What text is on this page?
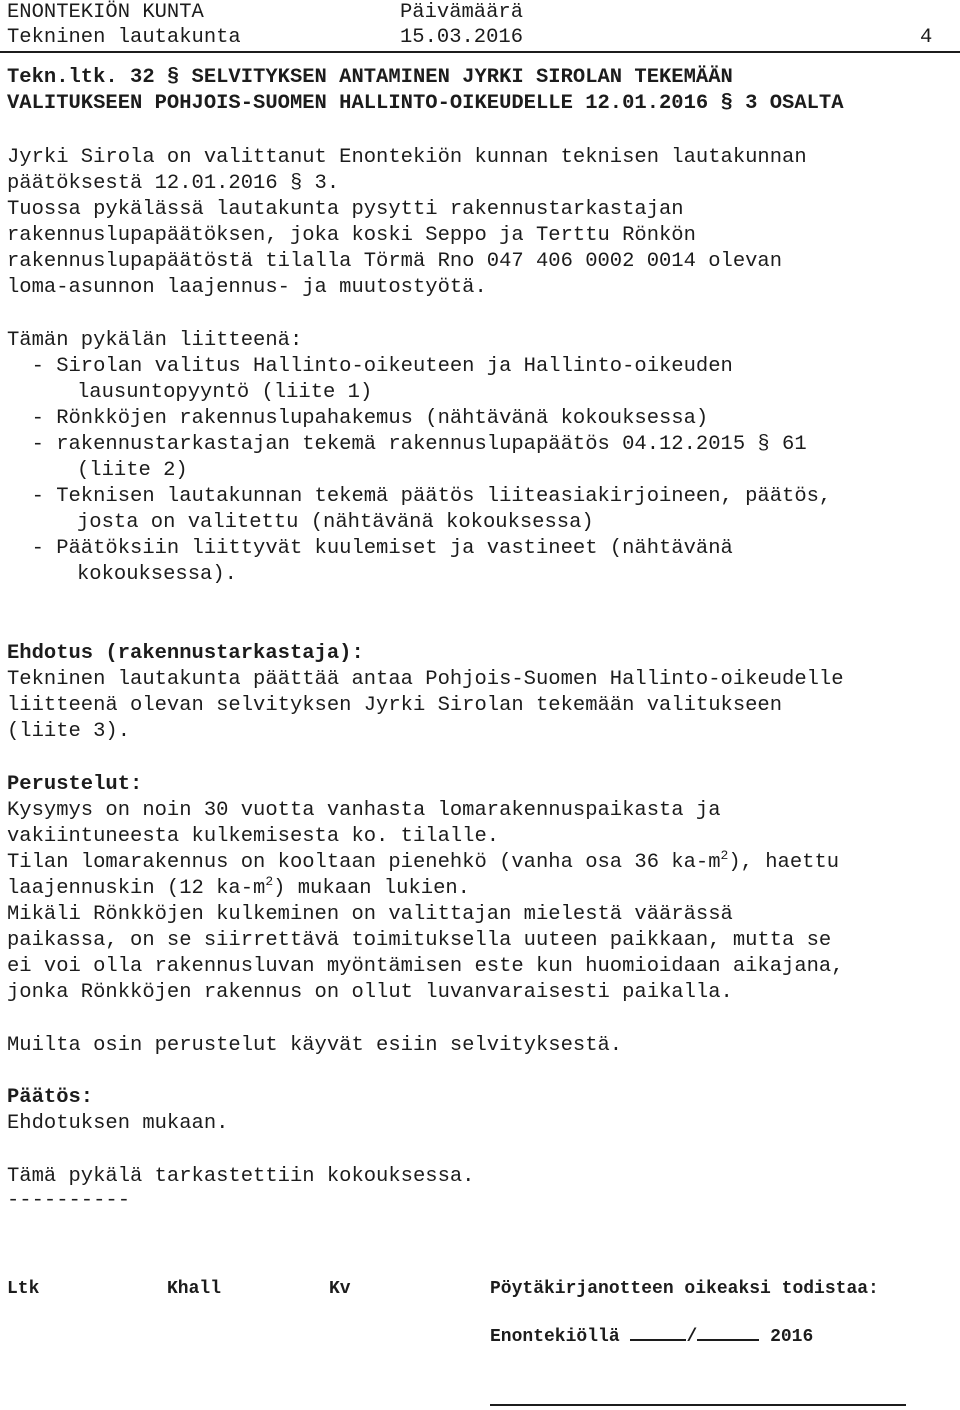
ENONTEKIÖN KUNTA	Päivämäärä
Tekninen lautakunta	15.03.2016	4
Tekn.ltk. 32 § SELVITYKSEN ANTAMINEN JYRKI SIROLAN TEKEMÄÄN
VALITUKSEEN POHJOIS-SUOMEN HALLINTO-OIKEUDELLE 12.01.2016 § 3 OSALTA
Jyrki Sirola on valittanut Enontekiön kunnan teknisen lautakunnan
päätöksestä 12.01.2016 § 3.
Tuossa pykälässä lautakunta pysytti rakennustarkastajan
rakennuslupapäätöksen, joka koski Seppo ja Terttu Rönkön
rakennuslupapäätöstä tilalla Törmä Rno 047 406 0002 0014 olevan
loma-asunnon laajennus- ja muutostyötä.
Tämän pykälän liitteenä:
- Sirolan valitus Hallinto-oikeuteen ja Hallinto-oikeuden
lausuntopyyntö (liite 1)
- Rönkköjen rakennuslupahakemus (nähtävänä kokouksessa)
- rakennustarkastajan tekemä rakennuslupapäätös 04.12.2015 § 61
(liite 2)
- Teknisen lautakunnan tekemä päätös liiteasiakirjoineen, päätös,
josta on valitettu (nähtävänä kokouksessa)
- Päätöksiin liittyvät kuulemiset ja vastineet (nähtävänä
kokouksessa).
Ehdotus (rakennustarkastaja):
Tekninen lautakunta päättää antaa Pohjois-Suomen Hallinto-oikeudelle
liitteenä olevan selvityksen Jyrki Sirolan tekemään valitukseen
(liite 3).
Perustelut:
Kysymys on noin 30 vuotta vanhasta lomarakennuspaikasta ja
vakiintuneesta kulkemisesta ko. tilalle.
Tilan lomarakennus on kooltaan pienehkö (vanha osa 36 $ka-m^2$), haettu
laajennuskin (12 $ka-m^2$) mukaan lukien.
Mikäli Rönkköjen kulkeminen on valittajan mielestä väärässä
paikassa, on se siirrettävä toimituksella uuteen paikkaan, mutta se
ei voi olla rakennusluvan myöntämisen este kun huomioidaan aikajana,
jonka Rönkköjen rakennus on ollut luvanvaraisesti paikalla.
Muilta osin perustelut käyvät esiin selvityksestä.
Päätös:
Ehdotuksen mukaan.
Tämä pykälä tarkastettiin kokouksessa.
----------
Ltk	Khall	Kv	Pöytäkirjanotteen oikeaksi todistaa:
Enontekiöllä	/	2016
